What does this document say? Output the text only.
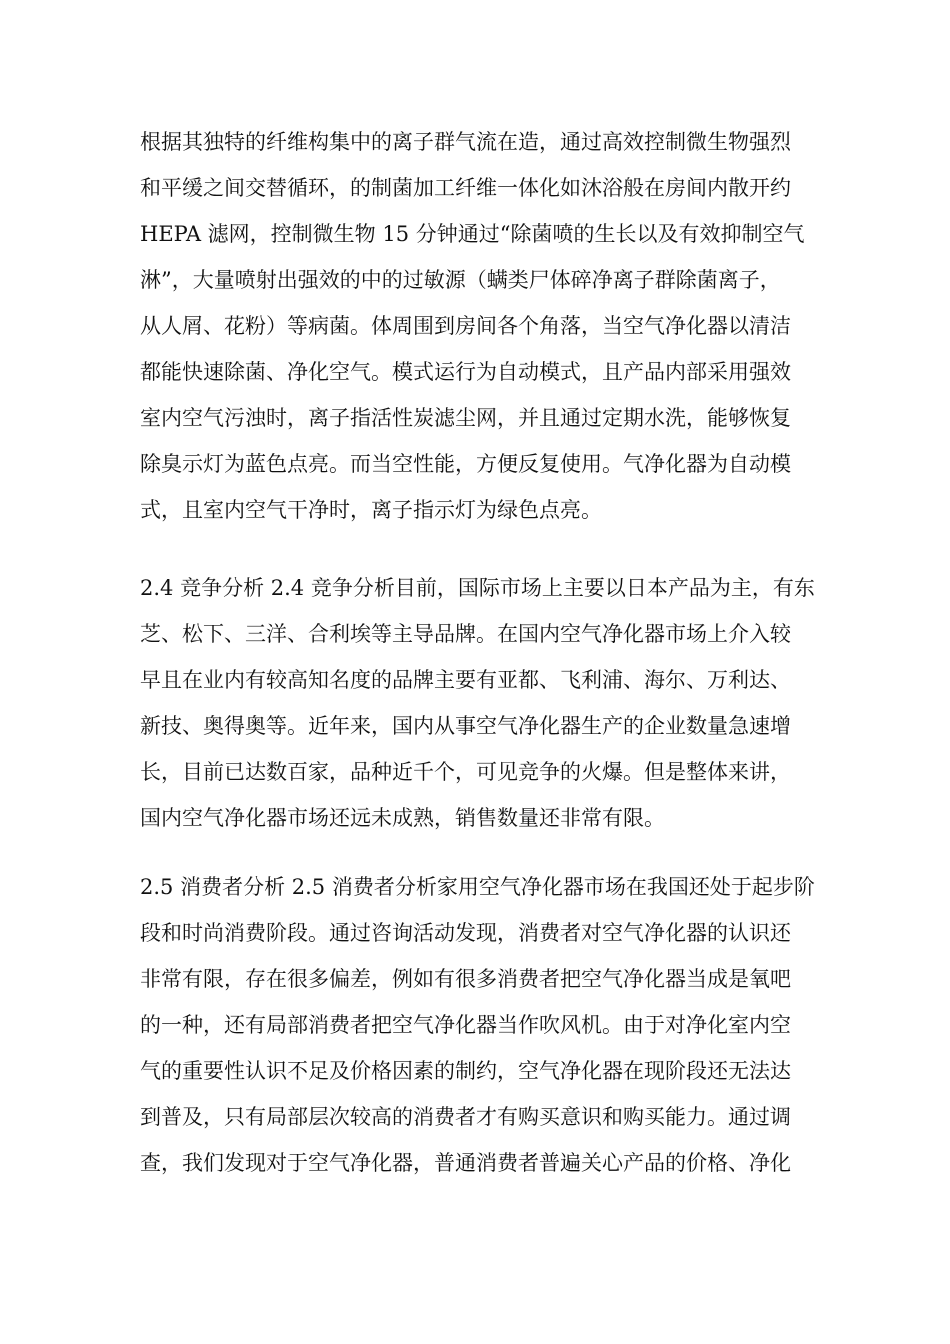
根据其独特的纤维构集中的离子群气流在造，通过高效控制微生物强烈
和平缓之间交替循环，的制菌加工纤维一体化如沐浴般在房间内散开约
HEPA 滤网，控制微生物 15 分钟通过“除菌喷的生长以及有效抑制空气
淋”，大量喷射出强效的中的过敏源（螨类尸体碎净离子群除菌离子，
从人屑、花粉）等病菌。体周围到房间各个角落，当空气净化器以清洁
都能快速除菌、净化空气。模式运行为自动模式，且产品内部采用强效
室内空气污浊时，离子指活性炭滤尘网，并且通过定期水洗，能够恢复
除臭示灯为蓝色点亮。而当空性能，方便反复使用。气净化器为自动模
式，且室内空气干净时，离子指示灯为绿色点亮。
2.4 竞争分析 2.4 竞争分析目前，国际市场上主要以日本产品为主，有东
芝、松下、三洋、合利埃等主导品牌。在国内空气净化器市场上介入较
早且在业内有较高知名度的品牌主要有亚都、飞利浦、海尔、万利达、
新技、奥得奥等。近年来，国内从事空气净化器生产的企业数量急速增
长，目前已达数百家，品种近千个，可见竞争的火爆。但是整体来讲，
国内空气净化器市场还远未成熟，销售数量还非常有限。
2.5 消费者分析 2.5 消费者分析家用空气净化器市场在我国还处于起步阶
段和时尚消费阶段。通过咨询活动发现，消费者对空气净化器的认识还
非常有限，存在很多偏差，例如有很多消费者把空气净化器当成是氧吧
的一种，还有局部消费者把空气净化器当作吹风机。由于对净化室内空
气的重要性认识不足及价格因素的制约，空气净化器在现阶段还无法达
到普及，只有局部层次较高的消费者才有购买意识和购买能力。通过调
查，我们发现对于空气净化器，普通消费者普遍关心产品的价格、净化
